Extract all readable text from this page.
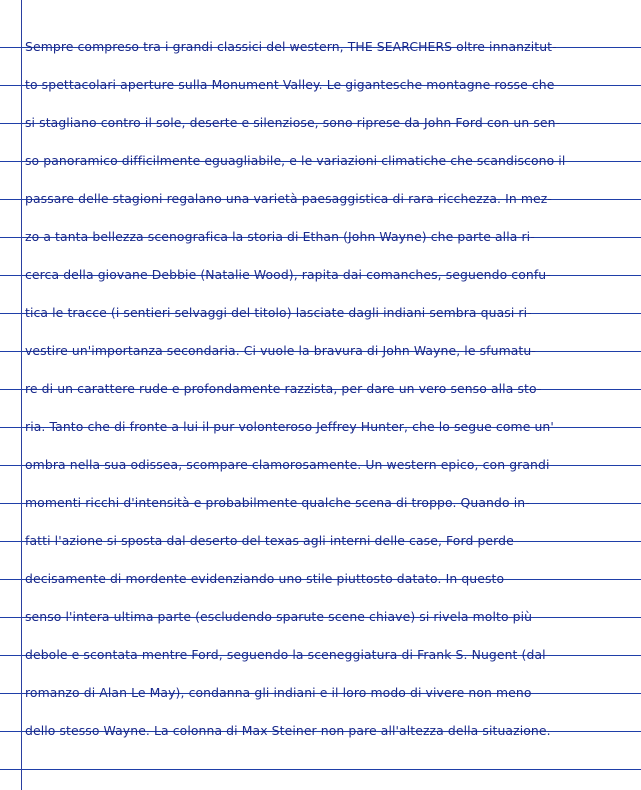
Sempre compreso tra i grandi classici del western, THE SEARCHERS oltre innanzitut-
to spettacolari aperture sulla Monument Valley. Le gigantesche montagne rosse che
si stagliano contro il sole, deserte e silenziose, sono riprese da John Ford con un sen-
so panoramico difficilmente eguagliabile, e le variazioni climatiche che scandiscono il
passare delle stagioni regalano una varietà paesaggistica di rara ricchezza. In mez-
zo a tanta bellezza scenografica la storia di Ethan (John Wayne) che parte alla ri-
cerca della giovane Debbie (Natalie Wood), rapita dai comanches, seguendo confu-
tica le tracce (i sentieri selvaggi del titolo) lasciate dagli indiani sembra quasi ri-
vestire un'importanza secondaria. Ci vuole la bravura di John Wayne, le sfumatu-
re di un carattere rude e profondamente razzista, per dare un vero senso alla sto-
ria. Tanto che di fronte a lui il pur volonteroso Jeffrey Hunter, che lo segue come un'
ombra nella sua odissea, scompare clamorosamente. Un western epico, con grandi
momenti ricchi d'intensità e probabilmente qualche scena di troppo. Quando in-
fatti l'azione si sposta dal deserto del texas agli interni delle case, Ford perde
decisamente di mordente evidenziando uno stile piuttosto datato. In questo
senso l'intera ultima parte (escludendo sparute scene chiave) si rivela molto più
debole e scontata mentre Ford, seguendo la sceneggiatura di Frank S. Nugent (dal
romanzo di Alan Le May), condanna gli indiani e il loro modo di vivere non meno
dello stesso Wayne. La colonna di Max Steiner non pare all'altezza della situazione.
